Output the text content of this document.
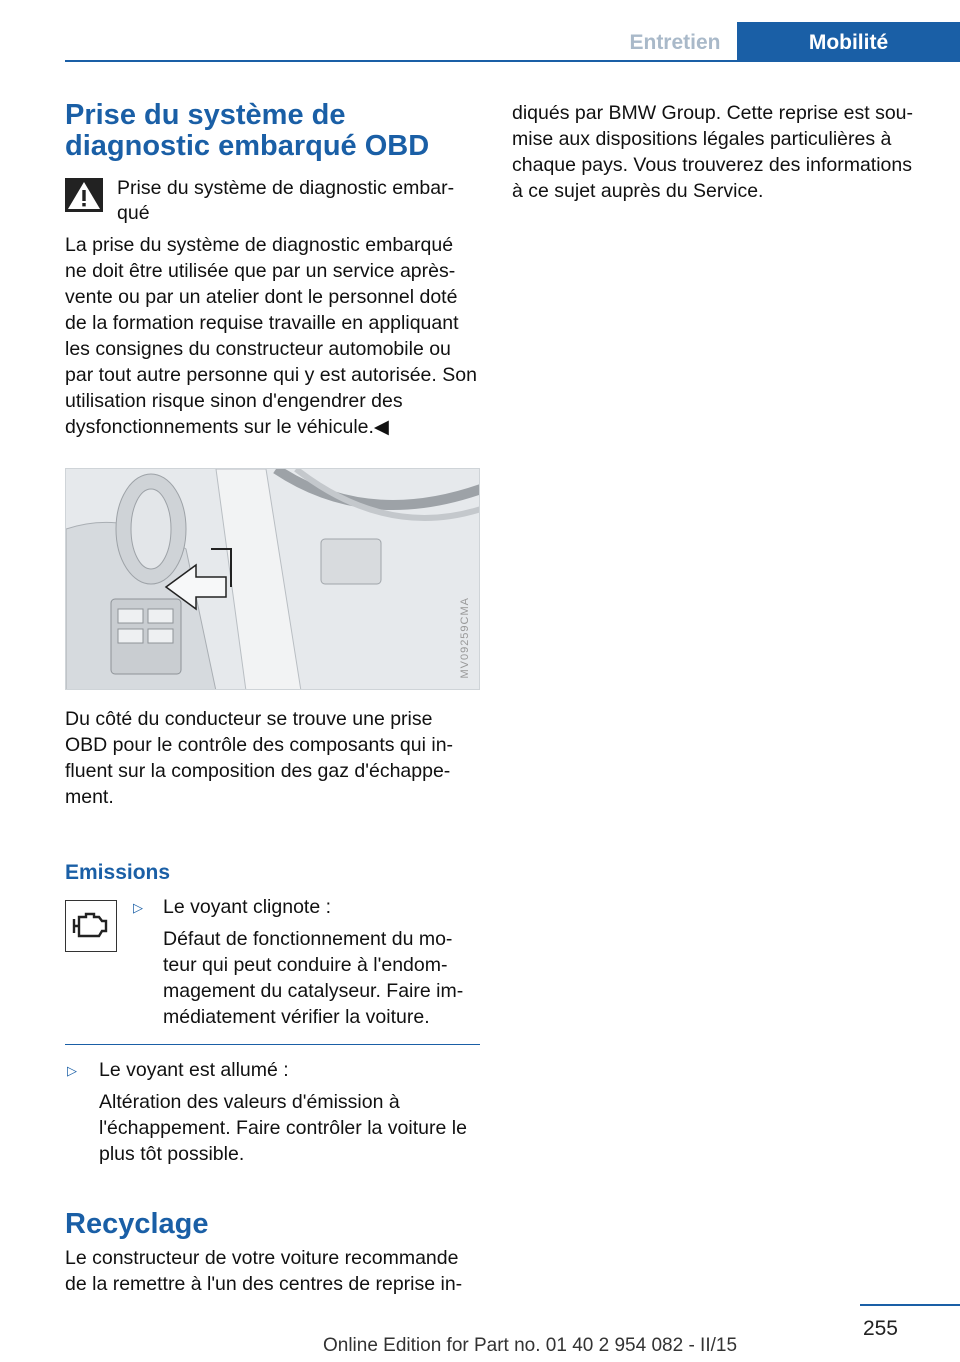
Entretien	Mobilité
Prise du système de diagnostic embarqué OBD
Prise du système de diagnostic embar-qué

La prise du système de diagnostic embarqué ne doit être utilisée que par un service après-vente ou par un atelier dont le personnel doté de la formation requise travaille en appliquant les consignes du constructeur automobile ou par tout autre personne qui y est autorisée. Son utilisation risque sinon d'engendrer des dysfonctionnements sur le véhicule.◀

MV09259CMA

Du côté du conducteur se trouve une prise OBD pour le contrôle des composants qui in-fluent sur la composition des gaz d'échappe-ment.

Emissions
▷ Le voyant clignote :
Défaut de fonctionnement du mo-teur qui peut conduire à l'endom-magement du catalyseur. Faire im-médiatement vérifier la voiture.
▷ Le voyant est allumé :
Altération des valeurs d'émission à l'échappement. Faire contrôler la voiture le plus tôt possible.
Recyclage

Le constructeur de votre voiture recommande de la remettre à l'un des centres de reprise in-

diqués par BMW Group. Cette reprise est sou-mise aux dispositions légales particulières à chaque pays. Vous trouverez des informations à ce sujet auprès du Service.

255
Online Edition for Part no. 01 40 2 954 082 - II/15
